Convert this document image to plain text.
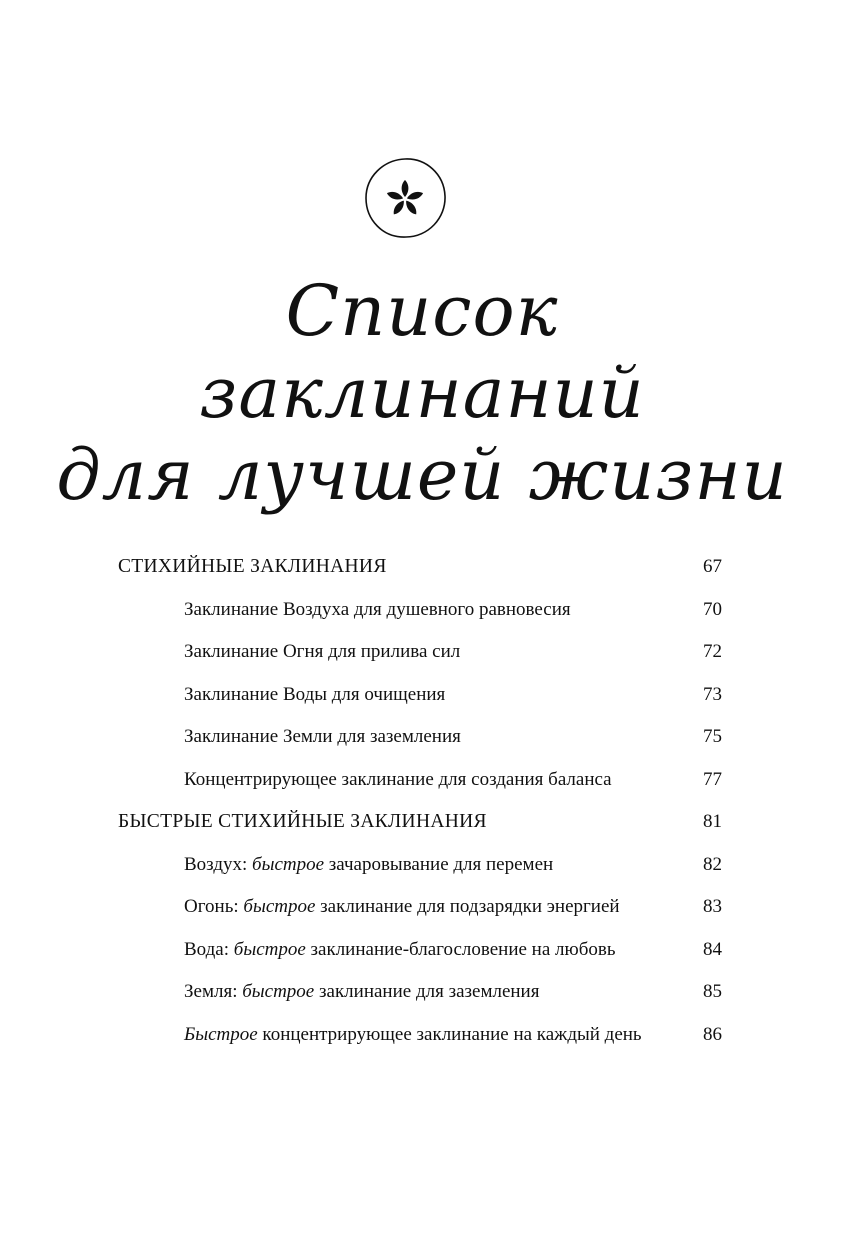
Список
заклинаний
для лучшей жизни
СТИХИЙНЫЕ ЗАКЛИНАНИЯ	67
Заклинание Воздуха для душевного равновесия	70
Заклинание Огня для прилива сил	72
Заклинание Воды для очищения	73
Заклинание Земли для заземления	75
Концентрирующее заклинание для создания баланса	77
БЫСТРЫЕ СТИХИЙНЫЕ ЗАКЛИНАНИЯ	81
Воздух: быстрое зачаровывание для перемен	82
Огонь: быстрое заклинание для подзарядки энергией	83
Вода: быстрое заклинание-благословение на любовь	84
Земля: быстрое заклинание для заземления	85
Быстрое концентрирующее заклинание на каждый день	86
